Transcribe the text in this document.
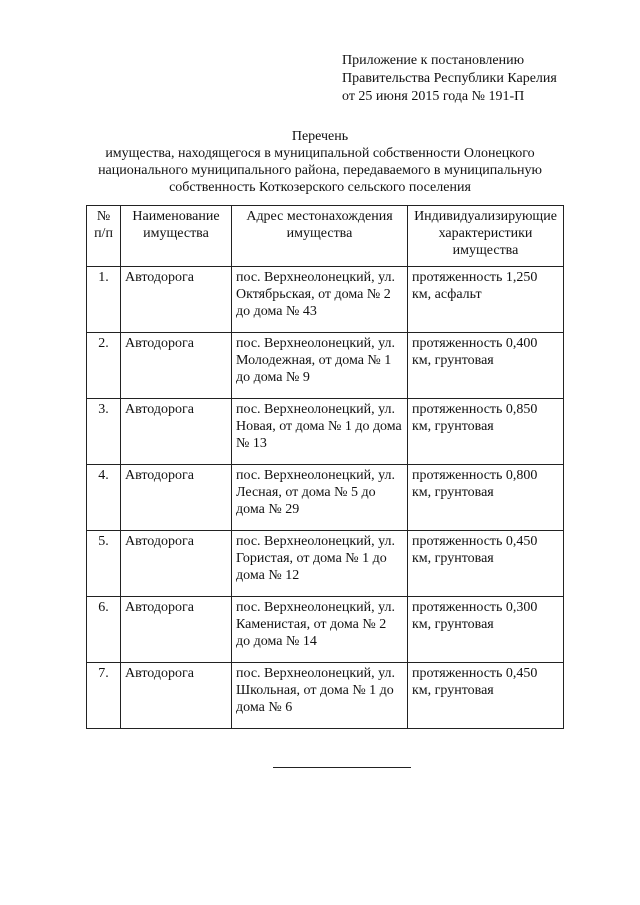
Приложение к постановлению
Правительства Республики Карелия
от 25 июня 2015 года № 191-П
Перечень
имущества, находящегося в муниципальной собственности Олонецкого
национального муниципального района, передаваемого в муниципальную
собственность Коткозерского сельского поселения
№ п/п	Наименование имущества	Адрес местонахождения имущества	Индивидуализирующие характеристики имущества
1.	Автодорога	пос. Верхнеолонецкий, ул. Октябрьская, от дома № 2 до дома № 43	протяженность 1,250 км, асфальт
2.	Автодорога	пос. Верхнеолонецкий, ул. Молодежная, от дома № 1 до дома № 9	протяженность 0,400 км, грунтовая
3.	Автодорога	пос. Верхнеолонецкий, ул. Новая, от дома № 1 до дома № 13	протяженность 0,850 км, грунтовая
4.	Автодорога	пос. Верхнеолонецкий, ул. Лесная, от дома № 5 до дома № 29	протяженность 0,800 км, грунтовая
5.	Автодорога	пос. Верхнеолонецкий, ул. Гористая, от дома № 1 до дома № 12	протяженность 0,450 км, грунтовая
6.	Автодорога	пос. Верхнеолонецкий, ул. Каменистая, от дома № 2 до дома № 14	протяженность 0,300 км, грунтовая
7.	Автодорога	пос. Верхнеолонецкий, ул. Школьная, от дома № 1 до дома № 6	протяженность 0,450 км, грунтовая
